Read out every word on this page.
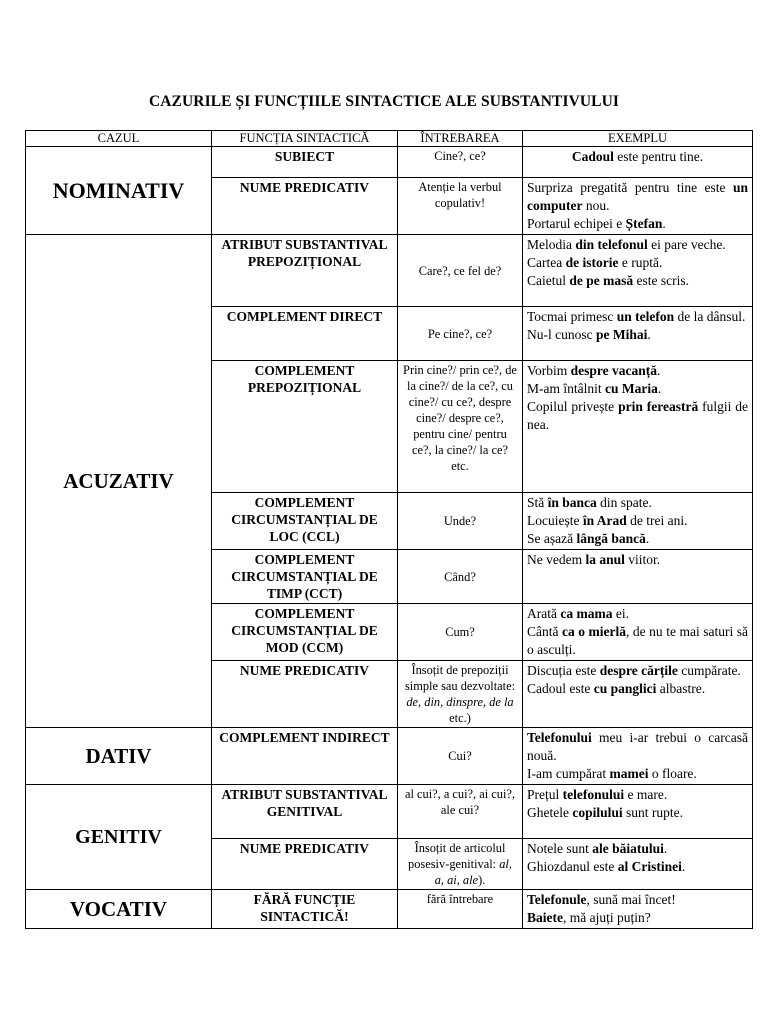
CAZURILE ȘI FUNCȚIILE SINTACTICE ALE SUBSTANTIVULUI
CAZUL	FUNCȚIA SINTACTICĂ	ÎNTREBAREA	EXEMPLU
NOMINATIV	SUBIECT	Cine?, ce?	Cadoul este pentru tine.

	NUME PREDICATIV	Atenție la verbul copulativ!	Surpriza pregatită pentru tine este un computer nou.

Portarul echipei e Ștefan.

ACUZATIV	ATRIBUT SUBSTANTIVAL PREPOZIȚIONAL	Care?, ce fel de?	Melodia din telefonul ei pare veche.

Cartea de istorie e ruptă.

Caietul de pe masă este scris.

	COMPLEMENT DIRECT	Pe cine?, ce?	Tocmai primesc un telefon de la dânsul.

Nu-l cunosc pe Mihai.

	COMPLEMENT PREPOZIȚIONAL	Prin cine?/ prin ce?, de la cine?/ de la ce?, cu cine?/ cu ce?, despre cine?/ despre ce?, pentru cine/ pentru ce?, la cine?/ la ce? etc.	Vorbim despre vacanță.

M-am întâlnit cu Maria.

Copilul privește prin fereastră fulgii de nea.

	COMPLEMENT CIRCUMSTANȚIAL DE LOC (CCL)	Unde?	Stă în banca din spate.

Locuiește în Arad de trei ani.

Se așază lângă bancă.

	COMPLEMENT CIRCUMSTANȚIAL DE TIMP (CCT)	Când?	Ne vedem la anul viitor.

	COMPLEMENT CIRCUMSTANȚIAL DE MOD (CCM)	Cum?	Arată ca mama ei.

Cântă ca o mierlă, de nu te mai saturi să o asculți.

	NUME PREDICATIV	Însoțit de prepoziții simple sau dezvoltate: de, din, dinspre, de la etc.)	Discuția este despre cărțile cumpărate.

Cadoul este cu panglici albastre.

DATIV	COMPLEMENT INDIRECT	Cui?	Telefonului meu i-ar trebui o carcasă nouă.

I-am cumpărat mamei o floare.

GENITIV	ATRIBUT SUBSTANTIVAL GENITIVAL	al cui?, a cui?, ai cui?, ale cui?	Prețul telefonului e mare.

Ghetele copilului sunt rupte.

	NUME PREDICATIV	Însoțit de articolul posesiv-genitival: al, a, ai, ale).	Notele sunt ale băiatului.

Ghiozdanul este al Cristinei.

VOCATIV	FĂRĂ FUNCȚIE SINTACTICĂ!	fără întrebare	Telefonule, sună mai încet!

Baiete, mă ajuți puțin?
